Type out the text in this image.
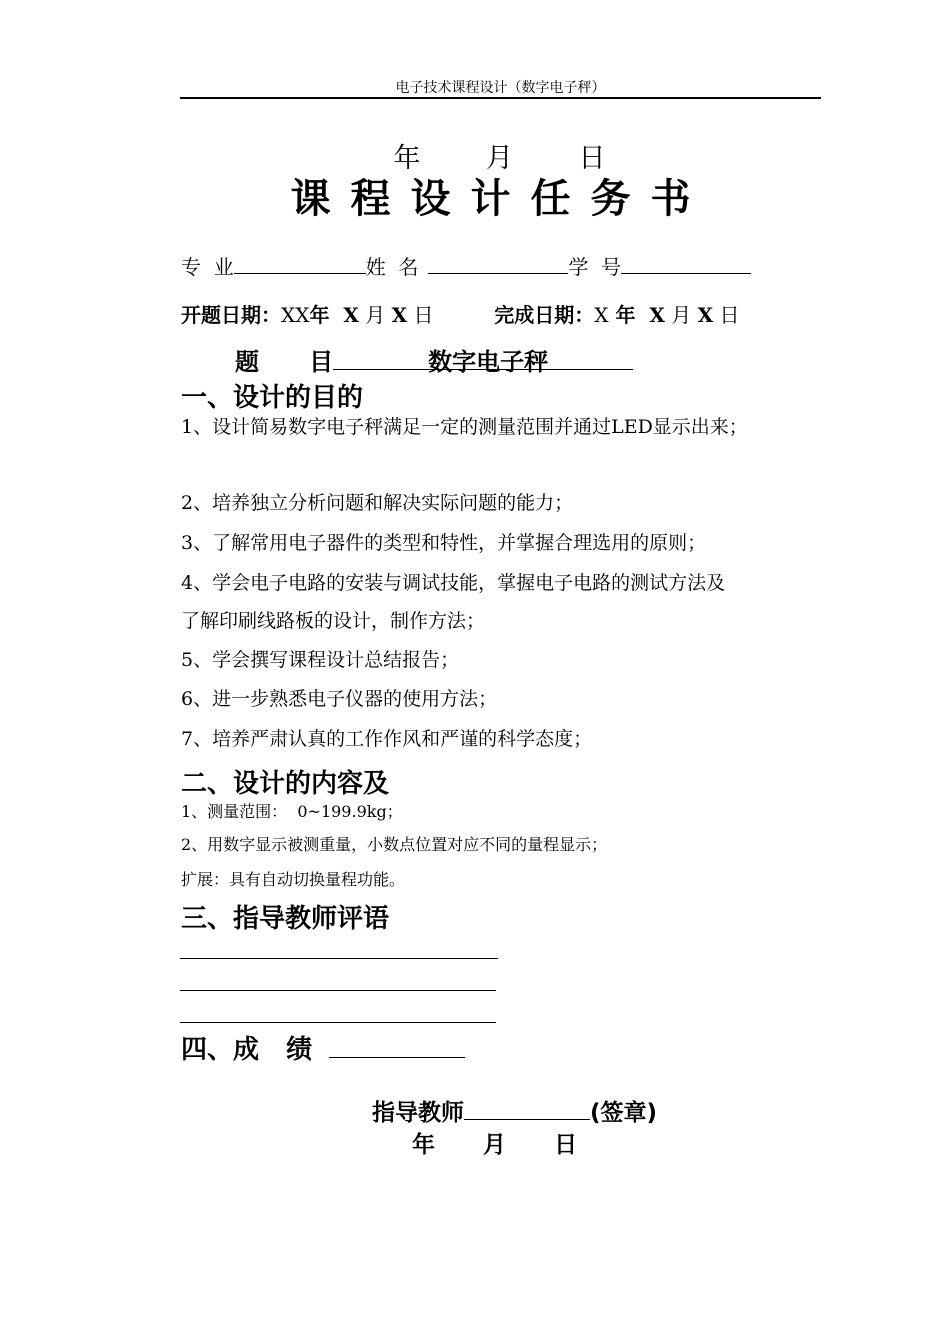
电子技术课程设计（数字电子秤）
年      月      日
课程设计任务书
专  业	姓  名	学  号
开题日期：XX年  X 月 X 日	完成日期：X 年  X 月 X 日
题      目	数字电子秤
一、设计的目的
1、设计简易数字电子秤满足一定的测量范围并通过LED显示出来；
2、培养独立分析问题和解决实际问题的能力；
3、了解常用电子器件的类型和特性，并掌握合理选用的原则；
4、学会电子电路的安装与调试技能，掌握电子电路的测试方法及
了解印刷线路板的设计，制作方法；
5、学会撰写课程设计总结报告；
6、进一步熟悉电子仪器的使用方法；
7、培养严肃认真的工作作风和严谨的科学态度；
二、设计的内容及
1、测量范围：  0~199.9kg；
2、用数字显示被测重量，小数点位置对应不同的量程显示；
扩展：具有自动切换量程功能。
三、指导教师评语
四、成   绩
指导教师	(签章)
年      月      日
